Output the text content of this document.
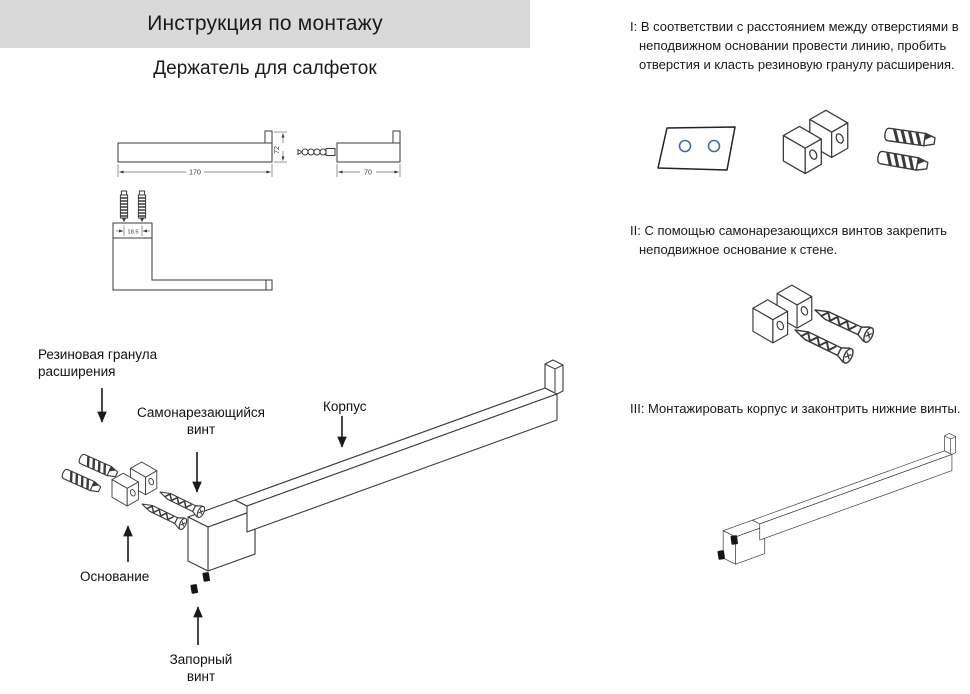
Инструкция по монтажу
Держатель для салфеток
170
72
70
18.5
Резиновая гранула расширения
Самонарезающийся винт
Корпус
Основание
Запорный винт
I: В соответствии с расстоянием между отверстиями в неподвижном основании провести линию, пробить отверстия и класть резиновую гранулу расширения.
II: С помощью самонарезающихся винтов закрепить неподвижное основание к стене.
III: Монтажировать корпус и законтрить нижние винты.
